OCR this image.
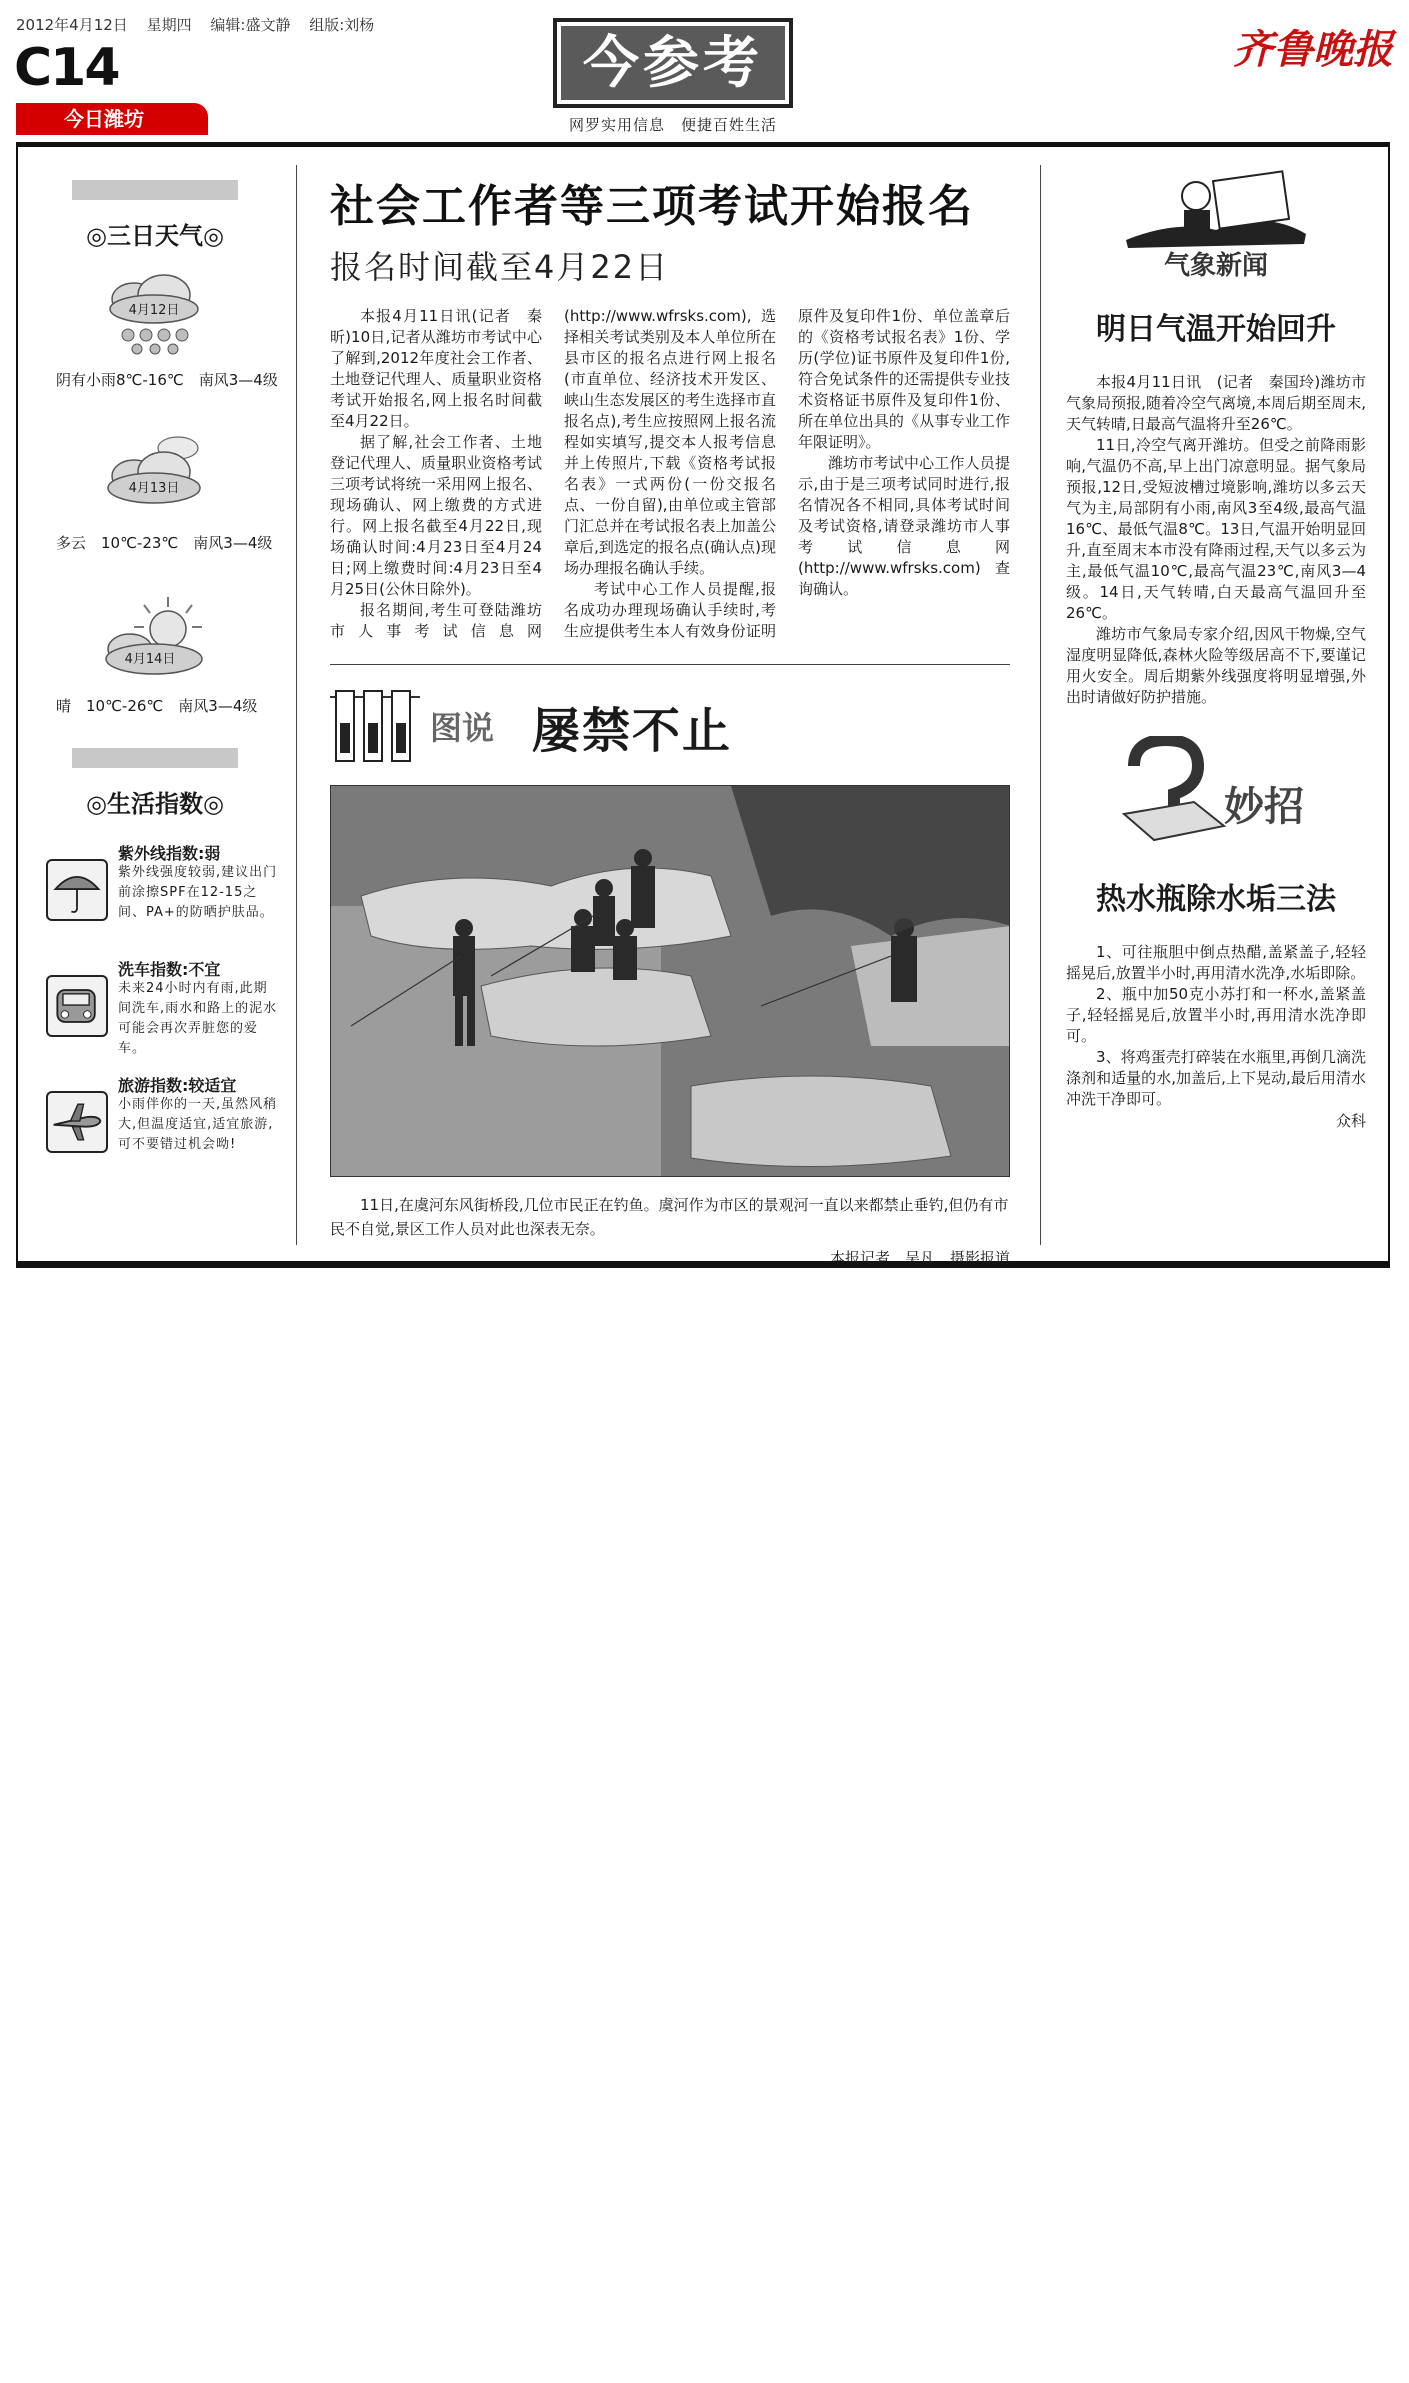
2012年4月12日 星期四 编辑:盛文静 组版:刘杨
C14
今日潍坊
今参考
网罗实用信息　便捷百姓生活
齐鲁晚报
◎三日天气◎
4月12日
阴有小雨8℃-16℃　南风3—4级
4月13日
多云　10℃-23℃　南风3—4级
4月14日
晴　10℃-26℃　南风3—4级
◎生活指数◎
紫外线指数:弱
紫外线强度较弱,建议出门前涂擦SPF在12-15之间、PA+的防晒护肤品。
洗车指数:不宜
未来24小时内有雨,此期间洗车,雨水和路上的泥水可能会再次弄脏您的爱车。
旅游指数:较适宜
小雨伴你的一天,虽然风稍大,但温度适宜,适宜旅游,可不要错过机会呦!
社会工作者等三项考试开始报名
报名时间截至4月22日

本报4月11日讯(记者　秦昕)10日,记者从潍坊市考试中心了解到,2012年度社会工作者、土地登记代理人、质量职业资格考试开始报名,网上报名时间截至4月22日。

据了解,社会工作者、土地登记代理人、质量职业资格考试三项考试将统一采用网上报名、现场确认、网上缴费的方式进行。网上报名截至4月22日,现场确认时间:4月23日至4月24日;网上缴费时间:4月23日至4月25日(公休日除外)。

报名期间,考生可登陆潍坊市人事考试信息网(http://www.wfrsks.com),选择相关考试类别及本人单位所在县市区的报名点进行网上报名(市直单位、经济技术开发区、峡山生态发展区的考生选择市直报名点),考生应按照网上报名流程如实填写,提交本人报考信息并上传照片,下载《资格考试报名表》一式两份(一份交报名点、一份自留),由单位或主管部门汇总并在考试报名表上加盖公章后,到选定的报名点(确认点)现场办理报名确认手续。

考试中心工作人员提醒,报名成功办理现场确认手续时,考生应提供考生本人有效身份证明原件及复印件1份、单位盖章后的《资格考试报名表》1份、学历(学位)证书原件及复印件1份,符合免试条件的还需提供专业技术资格证书原件及复印件1份、所在单位出具的《从事专业工作年限证明》。

潍坊市考试中心工作人员提示,由于是三项考试同时进行,报名情况各不相同,具体考试时间及考试资格,请登录潍坊市人事考试信息网(http://www.wfrsks.com)查询确认。

图说 屡禁不止
11日,在虞河东风街桥段,几位市民正在钓鱼。虞河作为市区的景观河一直以来都禁止垂钓,但仍有市民不自觉,景区工作人员对此也深表无奈。
本报记者　吴凡　摄影报道
气象新闻
明日气温开始回升

本报4月11日讯　(记者　秦国玲)潍坊市气象局预报,随着冷空气离境,本周后期至周末,天气转晴,日最高气温将升至26℃。

11日,冷空气离开潍坊。但受之前降雨影响,气温仍不高,早上出门凉意明显。据气象局预报,12日,受短波槽过境影响,潍坊以多云天气为主,局部阴有小雨,南风3至4级,最高气温16℃、最低气温8℃。13日,气温开始明显回升,直至周末本市没有降雨过程,天气以多云为主,最低气温10℃,最高气温23℃,南风3—4级。14日,天气转晴,白天最高气温回升至26℃。

潍坊市气象局专家介绍,因风干物燥,空气湿度明显降低,森林火险等级居高不下,要谨记用火安全。周后期紫外线强度将明显增强,外出时请做好防护措施。

妙招
热水瓶除水垢三法

1、可往瓶胆中倒点热醋,盖紧盖子,轻轻摇晃后,放置半小时,再用清水洗净,水垢即除。

2、瓶中加50克小苏打和一杯水,盖紧盖子,轻轻摇晃后,放置半小时,再用清水洗净即可。

3、将鸡蛋壳打碎装在水瓶里,再倒几滴洗涤剂和适量的水,加盖后,上下晃动,最后用清水冲洗干净即可。

众科
